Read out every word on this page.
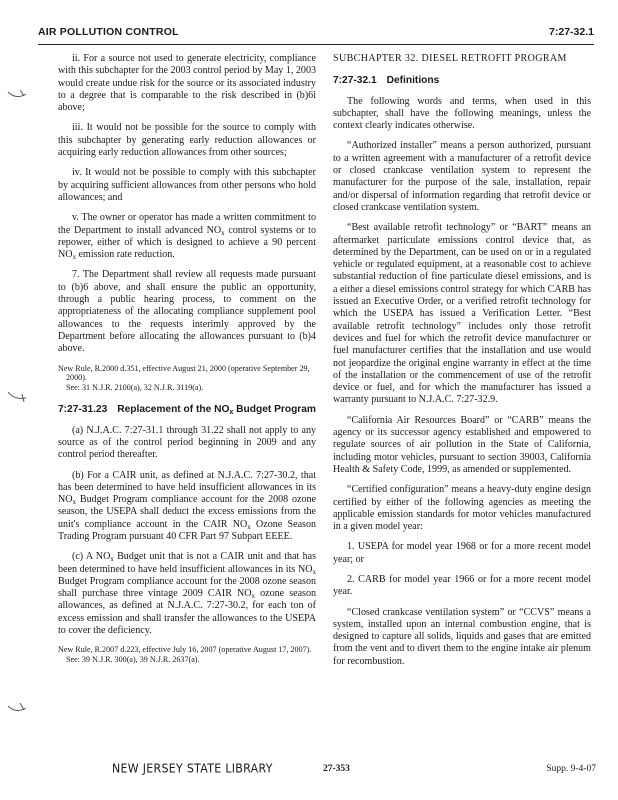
AIR POLLUTION CONTROL	7:27-32.1

ii. For a source not used to generate electricity, compliance with this subchapter for the 2003 control period by May 1, 2003 would create undue risk for the source or its associated industry to a degree that is comparable to the risk described in (b)6i above;

iii. It would not be possible for the source to comply with this subchapter by generating early reduction allowances or acquiring early reduction allowances from other sources;

iv. It would not be possible to comply with this subchapter by acquiring sufficient allowances from other persons who hold allowances; and

v. The owner or operator has made a written commitment to the Department to install advanced $NO_x$ control systems or to repower, either of which is designed to achieve a 90 percent $NO_x$ emission rate reduction.

7. The Department shall review all requests made pursuant to (b)6 above, and shall ensure the public an opportunity, through a public hearing process, to comment on the appropriateness of the allocating compliance supplement pool allowances to the requests interimly approved by the Department before allocating the allowances pursuant to (b)4 above.

New Rule, R.2000 d.351, effective August 21, 2000 (operative September 29, 2000).
See: 31 N.J.R. 2100(a), 32 N.J.R. 3119(a).

7:27-31.23 Replacement of the $NO_x$ Budget Program

(a) N.J.A.C. 7:27-31.1 through 31.22 shall not apply to any source as of the control period beginning in 2009 and any control period thereafter.

(b) For a CAIR unit, as defined at N.J.A.C. 7:27-30.2, that has been determined to have held insufficient allowances in its $NO_x$ Budget Program compliance account for the 2008 ozone season, the USEPA shall deduct the excess emissions from the unit's compliance account in the CAIR $NO_x$ Ozone Season Trading Program pursuant 40 CFR Part 97 Subpart EEEE.

(c) A $NO_x$ Budget unit that is not a CAIR unit and that has been determined to have held insufficient allowances in its $NO_x$ Budget Program compliance account for the 2008 ozone season shall purchase three vintage 2009 CAIR $NO_x$ ozone season allowances, as defined at N.J.A.C. 7:27-30.2, for each ton of excess emission and shall transfer the allowances to the USEPA to cover the deficiency.

New Rule, R.2007 d.223, effective July 16, 2007 (operative August 17, 2007).
See: 39 N.J.R. 300(a), 39 N.J.R. 2637(a).

SUBCHAPTER 32. DIESEL RETROFIT PROGRAM

7:27-32.1 Definitions

The following words and terms, when used in this subchapter, shall have the following meanings, unless the context clearly indicates otherwise.

“Authorized installer” means a person authorized, pursuant to a written agreement with a manufacturer of a retrofit device or closed crankcase ventilation system to represent the manufacturer for the purpose of the sale, installation, repair and/or dispersal of information regarding that retrofit device or closed crankcase ventilation system.

“Best available retrofit technology” or “BART” means an aftermarket particulate emissions control device that, as determined by the Department, can be used on or in a regulated vehicle or regulated equipment, at a reasonable cost to achieve substantial reduction of fine particulate diesel emissions, and is a either a diesel emissions control strategy for which CARB has issued an Executive Order, or a verified retrofit technology for which the USEPA has issued a Verification Letter. “Best available retrofit technology” includes only those retrofit devices and fuel for which the retrofit device manufacturer or fuel manufacturer certifies that the installation and use would not jeopardize the original engine warranty in effect at the time of the installation or the commencement of use of the retrofit device or fuel, and for which the manufacturer has issued a warranty pursuant to N.J.A.C. 7:27-32.9.

“California Air Resources Board” or “CARB” means the agency or its successor agency established and empowered to regulate sources of air pollution in the State of California, including motor vehicles, pursuant to section 39003, California Health & Safety Code, 1999, as amended or supplemented.

“Certified configuration” means a heavy-duty engine design certified by either of the following agencies as meeting the applicable emission standards for motor vehicles manufactured in a given model year:

1. USEPA for model year 1968 or for a more recent model year; or

2. CARB for model year 1966 or for a more recent model year.

“Closed crankcase ventilation system” or “CCVS” means a system, installed upon an internal combustion engine, that is designed to capture all solids, liquids and gases that are emitted from the vent and to divert them to the engine intake air plenum for recombustion.

NEW JERSEY STATE LIBRARY	27-353	Supp. 9-4-07
